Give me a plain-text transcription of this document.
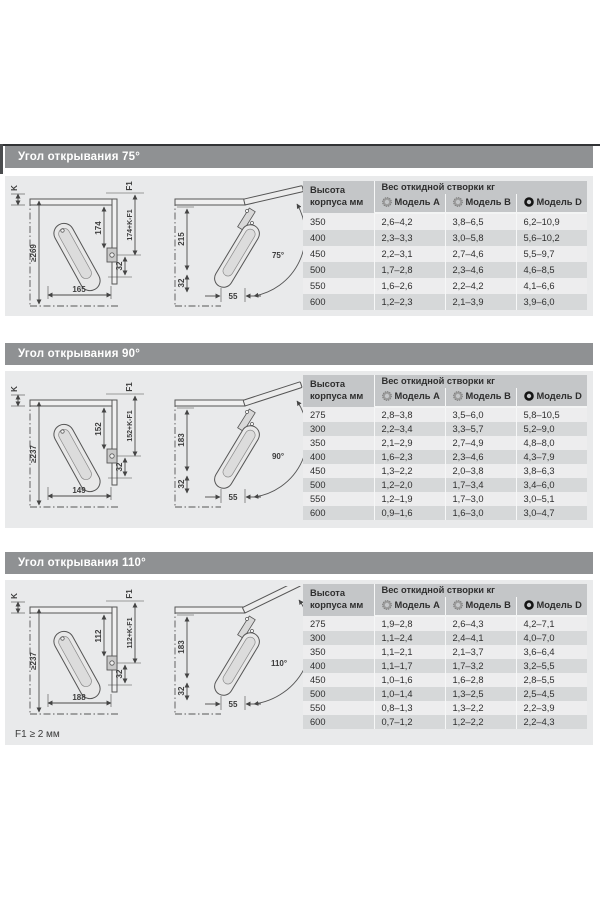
Угол открывания 75°
K	F1
≥269
174	174+K-F1
32
165
75°
215
32
55
Высота корпуса мм	Вес откидной створки кг		
	Модель A	Модель B	Модель D
350	2,6–4,2	3,8–6,5	6,2–10,9
400	2,3–3,3	3,0–5,8	5,6–10,2
450	2,2–3,1	2,7–4,6	5,5–9,7
500	1,7–2,8	2,3–4,6	4,6–8,5
550	1,6–2,6	2,2–4,2	4,1–6,6
600	1,2–2,3	2,1–3,9	3,9–6,0
Угол открывания 90°
K	F1
≥237
152	152+K-F1
32
149
90°
183
32
55
Высота корпуса мм	Вес откидной створки кг		
	Модель A	Модель B	Модель D
275	2,8–3,8	3,5–6,0	5,8–10,5
300	2,2–3,4	3,3–5,7	5,2–9,0
350	2,1–2,9	2,7–4,9	4,8–8,0
400	1,6–2,3	2,3–4,6	4,3–7,9
450	1,3–2,2	2,0–3,8	3,8–6,3
500	1,2–2,0	1,7–3,4	3,4–6,0
550	1,2–1,9	1,7–3,0	3,0–5,1
600	0,9–1,6	1,6–3,0	3,0–4,7
Угол открывания 110°
K	F1
≥237
112	112+K-F1
32
188
110°
183
32
55
Высота корпуса мм	Вес откидной створки кг		
	Модель A	Модель B	Модель D
275	1,9–2,8	2,6–4,3	4,2–7,1
300	1,1–2,4	2,4–4,1	4,0–7,0
350	1,1–2,1	2,1–3,7	3,6–6,4
400	1,1–1,7	1,7–3,2	3,2–5,5
450	1,0–1,6	1,6–2,8	2,8–5,5
500	1,0–1,4	1,3–2,5	2,5–4,5
550	0,8–1,3	1,3–2,2	2,2–3,9
600	0,7–1,2	1,2–2,2	2,2–4,3
F1 ≥ 2 мм
